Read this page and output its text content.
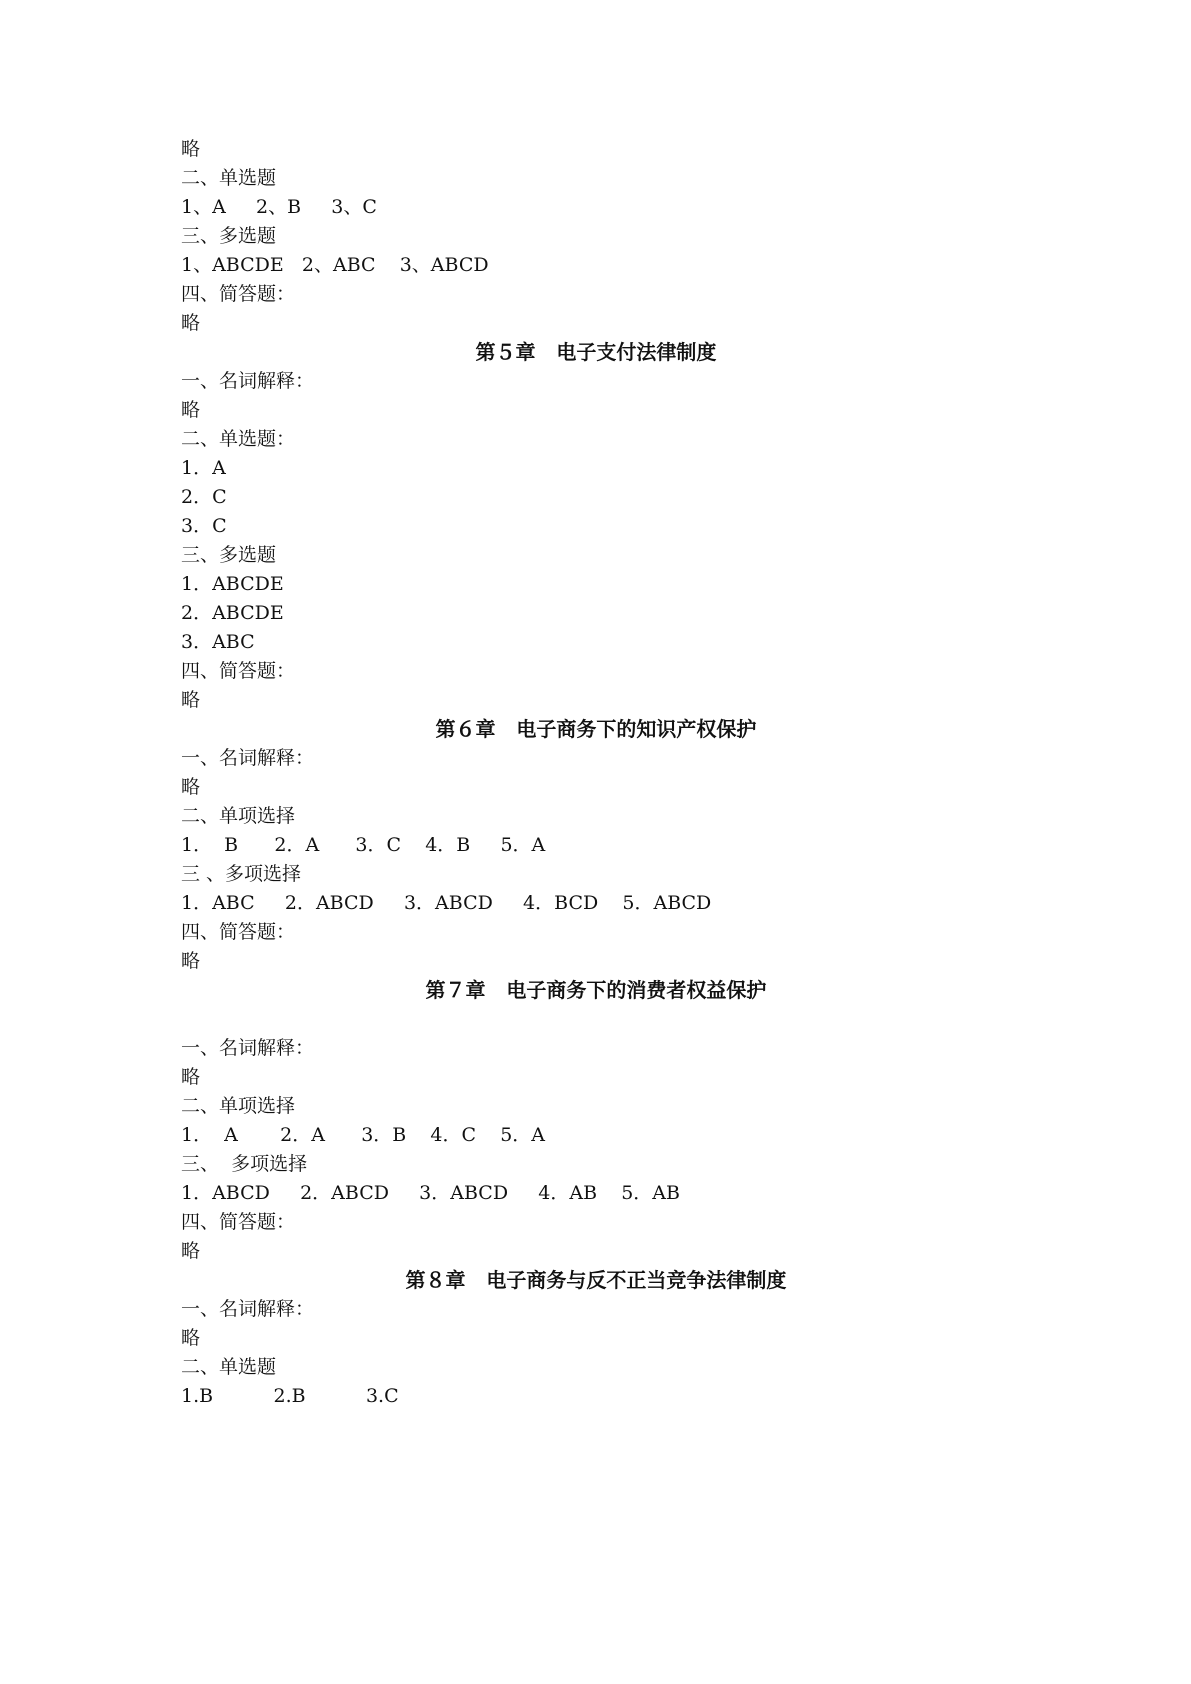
略
二、单选题
1、A     2、B     3、C
三、多选题
1、ABCDE   2、ABC    3、ABCD
四、简答题：
略
第５章   电子支付法律制度
一、名词解释：
略
二、单选题：
1．A
2．C
3．C
三、多选题
1．ABCDE
2．ABCDE
3．ABC
四、简答题：
略
第６章   电子商务下的知识产权保护
一、名词解释：
略
二、单项选择
1．  B      2．A      3．C    4．B     5．A
三 、多项选择
1．ABC     2．ABCD     3．ABCD     4．BCD    5．ABCD
四、简答题：
略
第７章   电子商务下的消费者权益保护
一、名词解释：
略
二、单项选择
1．  A       2．A      3．B    4．C    5．A
三、  多项选择
1．ABCD     2．ABCD     3．ABCD     4．AB    5．AB
四、简答题：
略
第８章   电子商务与反不正当竞争法律制度
一、名词解释：
略
二、单选题
1.B          2.B          3.C
